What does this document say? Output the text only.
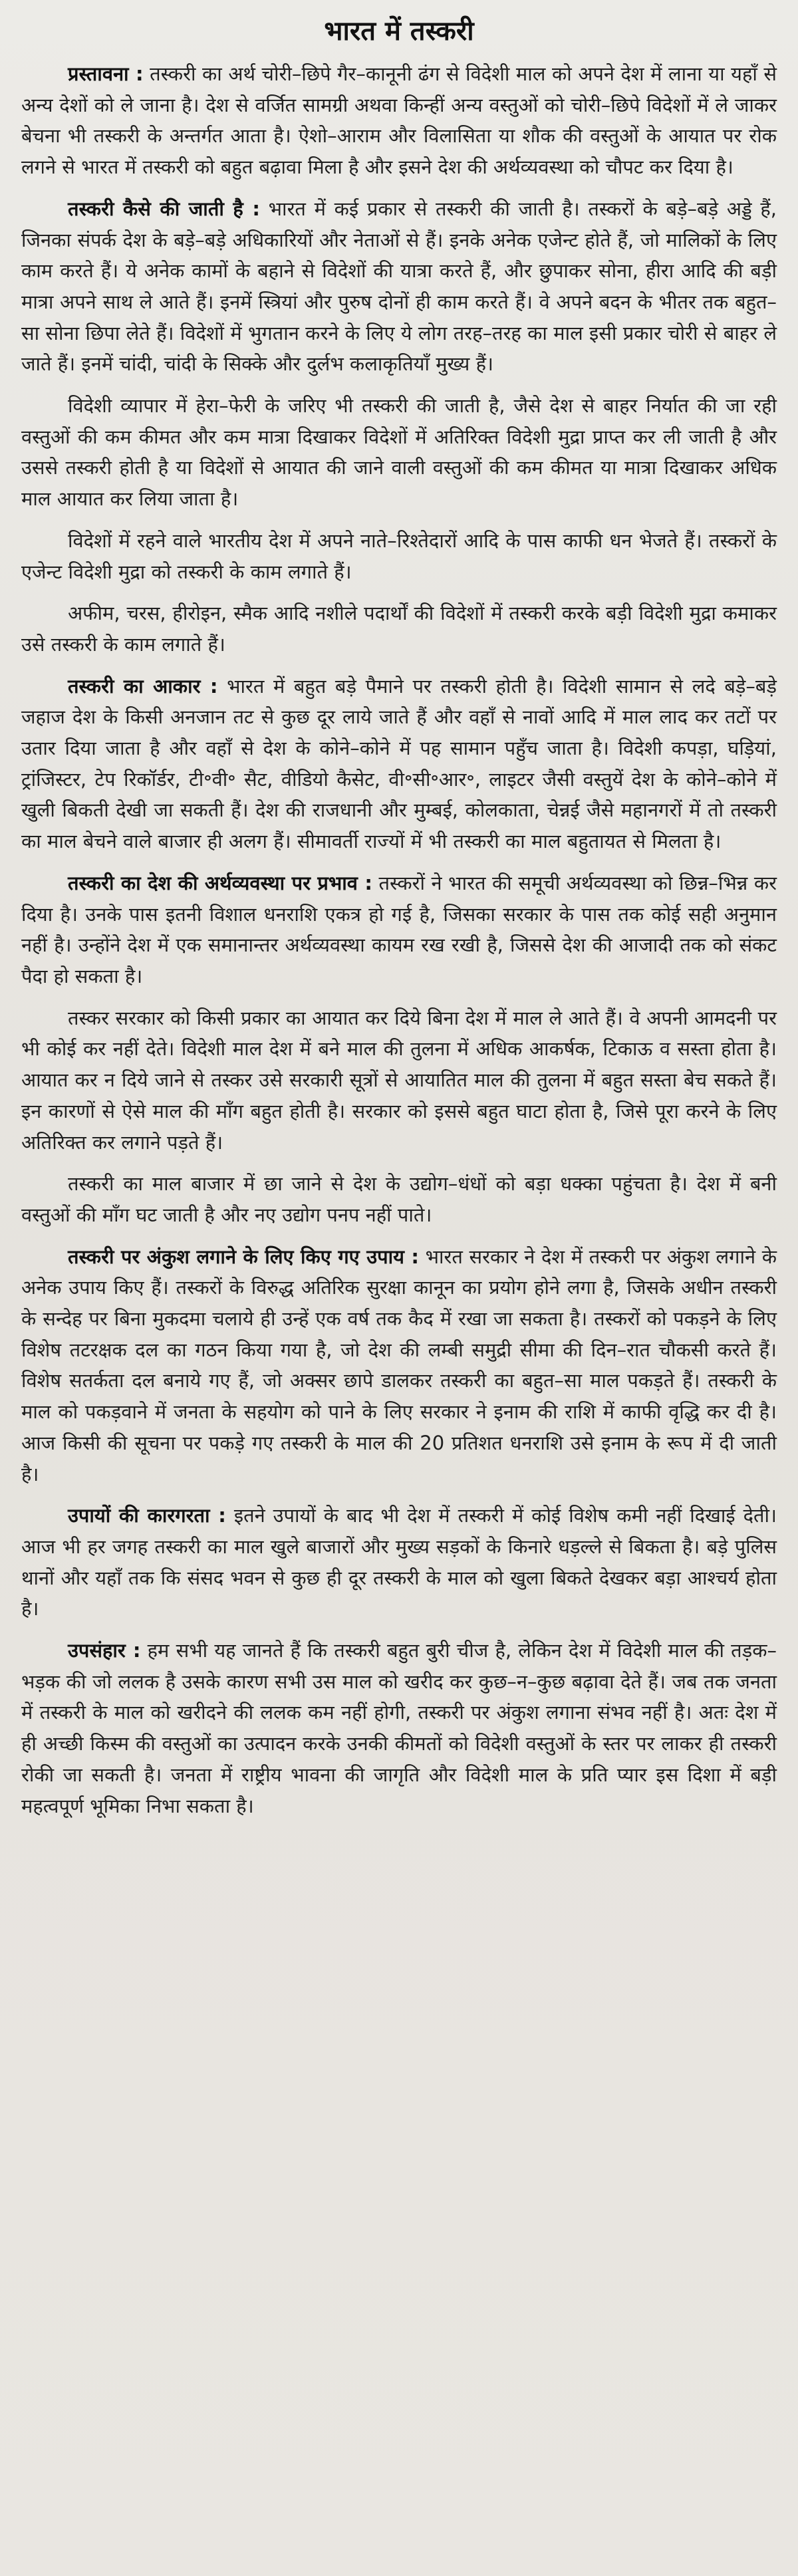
भारत में तस्करी

प्रस्तावना : तस्करी का अर्थ चोरी–छिपे गैर–कानूनी ढंग से विदेशी माल को अपने देश में लाना या यहाँ से अन्य देशों को ले जाना है। देश से वर्जित सामग्री अथवा किन्हीं अन्य वस्तुओं को चोरी–छिपे विदेशों में ले जाकर बेचना भी तस्करी के अन्तर्गत आता है। ऐशो–आराम और विलासिता या शौक की वस्तुओं के आयात पर रोक लगने से भारत में तस्करी को बहुत बढ़ावा मिला है और इसने देश की अर्थव्यवस्था को चौपट कर दिया है।

तस्करी कैसे की जाती है : भारत में कई प्रकार से तस्करी की जाती है। तस्करों के बड़े–बड़े अड्डे हैं, जिनका संपर्क देश के बड़े–बड़े अधिकारियों और नेताओं से हैं। इनके अनेक एजेन्ट होते हैं, जो मालिकों के लिए काम करते हैं। ये अनेक कामों के बहाने से विदेशों की यात्रा करते हैं, और छुपाकर सोना, हीरा आदि की बड़ी मात्रा अपने साथ ले आते हैं। इनमें स्त्रियां और पुरुष दोनों ही काम करते हैं। वे अपने बदन के भीतर तक बहुत–सा सोना छिपा लेते हैं। विदेशों में भुगतान करने के लिए ये लोग तरह–तरह का माल इसी प्रकार चोरी से बाहर ले जाते हैं। इनमें चांदी, चांदी के सिक्के और दुर्लभ कलाकृतियाँ मुख्य हैं।

विदेशी व्यापार में हेरा–फेरी के जरिए भी तस्करी की जाती है, जैसे देश से बाहर निर्यात की जा रही वस्तुओं की कम कीमत और कम मात्रा दिखाकर विदेशों में अतिरिक्त विदेशी मुद्रा प्राप्त कर ली जाती है और उससे तस्करी होती है या विदेशों से आयात की जाने वाली वस्तुओं की कम कीमत या मात्रा दिखाकर अधिक माल आयात कर लिया जाता है।

विदेशों में रहने वाले भारतीय देश में अपने नाते–रिश्तेदारों आदि के पास काफी धन भेजते हैं। तस्करों के एजेन्ट विदेशी मुद्रा को तस्करी के काम लगाते हैं।

अफीम, चरस, हीरोइन, स्मैक आदि नशीले पदार्थों की विदेशों में तस्करी करके बड़ी विदेशी मुद्रा कमाकर उसे तस्करी के काम लगाते हैं।

तस्करी का आकार : भारत में बहुत बड़े पैमाने पर तस्करी होती है। विदेशी सामान से लदे बड़े–बड़े जहाज देश के किसी अनजान तट से कुछ दूर लाये जाते हैं और वहाँ से नावों आदि में माल लाद कर तटों पर उतार दिया जाता है और वहाँ से देश के कोने–कोने में पह सामान पहुँच जाता है। विदेशी कपड़ा, घड़ियां, ट्रांजिस्टर, टेप रिकॉर्डर, टी॰वी॰ सैट, वीडियो कैसेट, वी॰सी॰आर॰, लाइटर जैसी वस्तुयें देश के कोने–कोने में खुली बिकती देखी जा सकती हैं। देश की राजधानी और मुम्बई, कोलकाता, चेन्नई जैसे महानगरों में तो तस्करी का माल बेचने वाले बाजार ही अलग हैं। सीमावर्ती राज्यों में भी तस्करी का माल बहुतायत से मिलता है।

तस्करी का देश की अर्थव्यवस्था पर प्रभाव : तस्करों ने भारत की समूची अर्थव्यवस्था को छिन्न–भिन्न कर दिया है। उनके पास इतनी विशाल धनराशि एकत्र हो गई है, जिसका सरकार के पास तक कोई सही अनुमान नहीं है। उन्होंने देश में एक समानान्तर अर्थव्यवस्था कायम रख रखी है, जिससे देश की आजादी तक को संकट पैदा हो सकता है।

तस्कर सरकार को किसी प्रकार का आयात कर दिये बिना देश में माल ले आते हैं। वे अपनी आमदनी पर भी कोई कर नहीं देते। विदेशी माल देश में बने माल की तुलना में अधिक आकर्षक, टिकाऊ व सस्ता होता है। आयात कर न दिये जाने से तस्कर उसे सरकारी सूत्रों से आयातित माल की तुलना में बहुत सस्ता बेच सकते हैं। इन कारणों से ऐसे माल की माँग बहुत होती है। सरकार को इससे बहुत घाटा होता है, जिसे पूरा करने के लिए अतिरिक्त कर लगाने पड़ते हैं।

तस्करी का माल बाजार में छा जाने से देश के उद्योग–धंधों को बड़ा धक्का पहुंचता है। देश में बनी वस्तुओं की माँग घट जाती है और नए उद्योग पनप नहीं पाते।

तस्करी पर अंकुश लगाने के लिए किए गए उपाय : भारत सरकार ने देश में तस्करी पर अंकुश लगाने के अनेक उपाय किए हैं। तस्करों के विरुद्ध अतिरिक सुरक्षा कानून का प्रयोग होने लगा है, जिसके अधीन तस्करी के सन्देह पर बिना मुकदमा चलाये ही उन्हें एक वर्ष तक कैद में रखा जा सकता है। तस्करों को पकड़ने के लिए विशेष तटरक्षक दल का गठन किया गया है, जो देश की लम्बी समुद्री सीमा की दिन–रात चौकसी करते हैं। विशेष सतर्कता दल बनाये गए हैं, जो अक्सर छापे डालकर तस्करी का बहुत–सा माल पकड़ते हैं। तस्करी के माल को पकड़वाने में जनता के सहयोग को पाने के लिए सरकार ने इनाम की राशि में काफी वृद्धि कर दी है। आज किसी की सूचना पर पकड़े गए तस्करी के माल की 20 प्रतिशत धनराशि उसे इनाम के रूप में दी जाती है।

उपायों की कारगरता : इतने उपायों के बाद भी देश में तस्करी में कोई विशेष कमी नहीं दिखाई देती। आज भी हर जगह तस्करी का माल खुले बाजारों और मुख्य सड़कों के किनारे धड़ल्ले से बिकता है। बड़े पुलिस थानों और यहाँ तक कि संसद भवन से कुछ ही दूर तस्करी के माल को खुला बिकते देखकर बड़ा आश्चर्य होता है।

उपसंहार : हम सभी यह जानते हैं कि तस्करी बहुत बुरी चीज है, लेकिन देश में विदेशी माल की तड़क–भड़क की जो ललक है उसके कारण सभी उस माल को खरीद कर कुछ–न–कुछ बढ़ावा देते हैं। जब तक जनता में तस्करी के माल को खरीदने की ललक कम नहीं होगी, तस्करी पर अंकुश लगाना संभव नहीं है। अतः देश में ही अच्छी किस्म की वस्तुओं का उत्पादन करके उनकी कीमतों को विदेशी वस्तुओं के स्तर पर लाकर ही तस्करी रोकी जा सकती है। जनता में राष्ट्रीय भावना की जागृति और विदेशी माल के प्रति प्यार इस दिशा में बड़ी महत्वपूर्ण भूमिका निभा सकता है।
